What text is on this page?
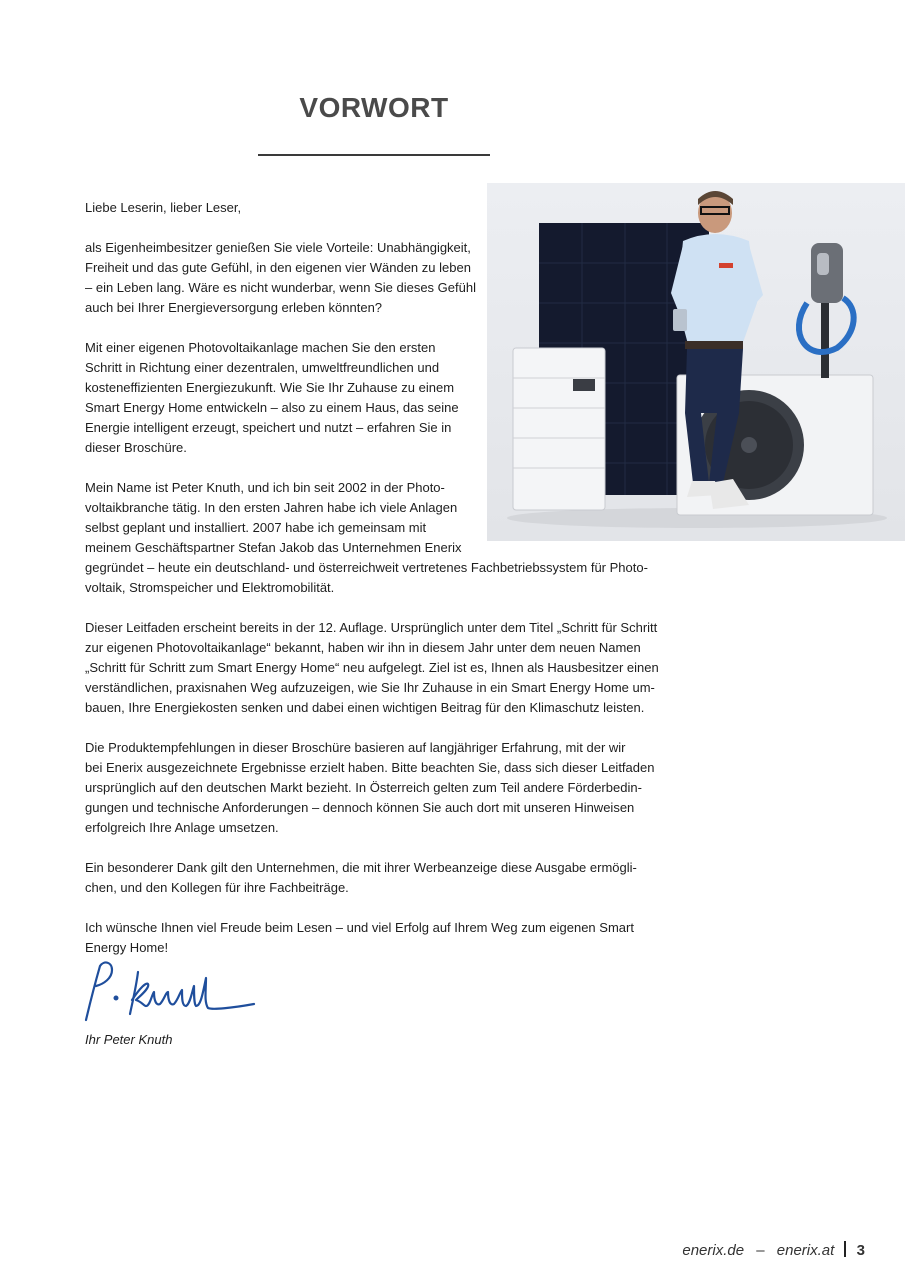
VORWORT

Liebe Leserin, lieber Leser,

als Eigenheimbesitzer genießen Sie viele Vorteile: Unabhängigkeit,
Freiheit und das gute Gefühl, in den eigenen vier Wänden zu leben
– ein Leben lang. Wäre es nicht wunderbar, wenn Sie dieses Gefühl
auch bei Ihrer Energieversorgung erleben könnten?

Mit einer eigenen Photovoltaikanlage machen Sie den ersten
Schritt in Richtung einer dezentralen, umweltfreundlichen und
kosteneffizienten Energiezukunft. Wie Sie Ihr Zuhause zu einem
Smart Energy Home entwickeln – also zu einem Haus, das seine
Energie intelligent erzeugt, speichert und nutzt – erfahren Sie in
dieser Broschüre.

Mein Name ist Peter Knuth, und ich bin seit 2002 in der Photo-
voltaikbranche tätig. In den ersten Jahren habe ich viele Anlagen
selbst geplant und installiert. 2007 habe ich gemeinsam mit
meinem Geschäftspartner Stefan Jakob das Unternehmen Enerix
gegründet – heute ein deutschland- und österreichweit vertretenes Fachbetriebssystem für Photo-
voltaik, Stromspeicher und Elektromobilität.

Dieser Leitfaden erscheint bereits in der 12. Auflage. Ursprünglich unter dem Titel „Schritt für Schritt
zur eigenen Photovoltaikanlage“ bekannt, haben wir ihn in diesem Jahr unter dem neuen Namen
„Schritt für Schritt zum Smart Energy Home“ neu aufgelegt. Ziel ist es, Ihnen als Hausbesitzer einen
verständlichen, praxisnahen Weg aufzuzeigen, wie Sie Ihr Zuhause in ein Smart Energy Home um-
bauen, Ihre Energiekosten senken und dabei einen wichtigen Beitrag für den Klimaschutz leisten.

Die Produktempfehlungen in dieser Broschüre basieren auf langjähriger Erfahrung, mit der wir
bei Enerix ausgezeichnete Ergebnisse erzielt haben. Bitte beachten Sie, dass sich dieser Leitfaden
ursprünglich auf den deutschen Markt bezieht. In Österreich gelten zum Teil andere Förderbedin-
gungen und technische Anforderungen – dennoch können Sie auch dort mit unseren Hinweisen
erfolgreich Ihre Anlage umsetzen.

Ein besonderer Dank gilt den Unternehmen, die mit ihrer Werbeanzeige diese Ausgabe ermögli-
chen, und den Kollegen für ihre Fachbeiträge.

Ich wünsche Ihnen viel Freude beim Lesen – und viel Erfolg auf Ihrem Weg zum eigenen Smart
Energy Home!

Ihr Peter Knuth
enerix.de – enerix.at 3
